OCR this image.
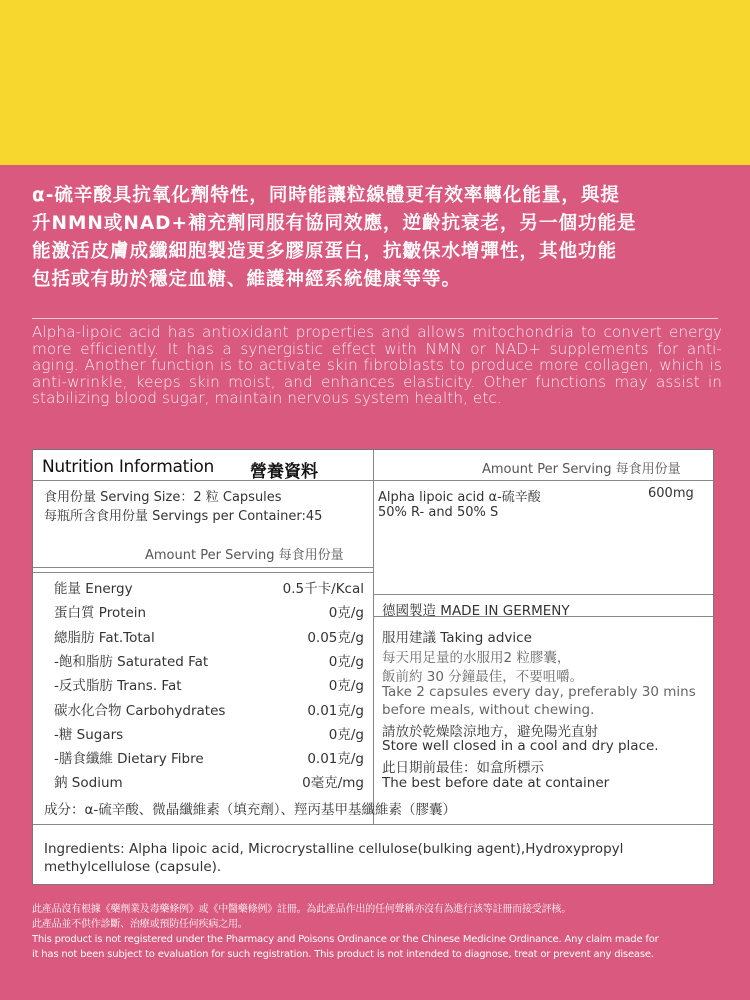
α-硫辛酸具抗氧化劑特性，同時能讓粒線體更有效率轉化能量，與提
升NMN或NAD+補充劑同服有協同效應，逆齡抗衰老，另一個功能是
能激活皮膚成纖細胞製造更多膠原蛋白，抗皺保水增彈性，其他功能
包括或有助於穩定血糖、維護神經系統健康等等。
Alpha-lipoic acid has antioxidant properties and allows mitochondria to convert energy more efficiently. It has a synergistic effect with NMN or NAD+ supplements for anti-aging. Another function is to activate skin fibroblasts to produce more collagen, which is anti-wrinkle, keeps skin moist, and enhances elasticity. Other functions may assist in stabilizing blood sugar, maintain nervous system health, etc.
Nutrition Information 營養資料
食用份量 Serving Size：2 粒 Capsules
每瓶所含食用份量 Servings per Container:45
Amount Per Serving 每食用份量
Amount Per Serving 每食用份量
Alpha lipoic acid α-硫辛酸	600mg
50% R- and 50% S
能量 Energy	0.5千卡/Kcal
蛋白質 Protein	0克/g
總脂肪 Fat.Total	0.05克/g
-飽和脂肪 Saturated Fat	0克/g
-反式脂肪 Trans. Fat	0克/g
碳水化合物 Carbohydrates	0.01克/g
-糖 Sugars	0克/g
-膳食纖維 Dietary Fibre	0.01克/g
鈉 Sodium	0毫克/mg
德國製造 MADE IN GERMENY
服用建議 Taking advice
每天用足量的水服用2 粒膠囊，
飯前約 30 分鐘最佳，不要咀嚼。
Take 2 capsules every day, preferably 30 mins
before meals, without chewing.
請放於乾燥陰涼地方，避免陽光直射
Store well closed in a cool and dry place.
此日期前最佳：如盒所標示
The best before date at container
成分：α-硫辛酸、微晶纖維素（填充劑）、羥丙基甲基纖維素（膠囊）
Ingredients: Alpha lipoic acid, Microcrystalline cellulose(bulking agent),Hydroxypropyl
methylcellulose (capsule).
此產品沒有根據《藥劑業及毒藥條例》或《中醫藥條例》註冊。為此產品作出的任何聲稱亦沒有為進行該等註冊而接受評核。
此產品並不供作診斷、治療或預防任何疾病之用。
This product is not registered under the Pharmacy and Poisons Ordinance or the Chinese Medicine Ordinance. Any claim made for
it has not been subject to evaluation for such registration. This product is not intended to diagnose, treat or prevent any disease.
